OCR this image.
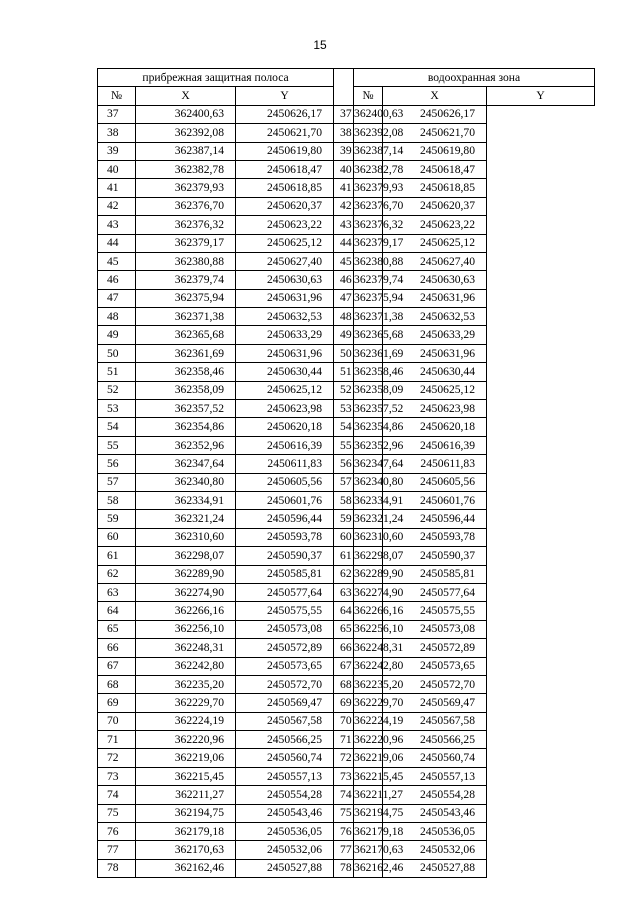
15
прибрежная защитная полоса				водоохранная зона		
№	X	Y		№	X	Y
37	362400,63	2450626,17	37	362400,63	2450626,17	
38	362392,08	2450621,70	38	362392,08	2450621,70	
39	362387,14	2450619,80	39	362387,14	2450619,80	
40	362382,78	2450618,47	40	362382,78	2450618,47	
41	362379,93	2450618,85	41	362379,93	2450618,85	
42	362376,70	2450620,37	42	362376,70	2450620,37	
43	362376,32	2450623,22	43	362376,32	2450623,22	
44	362379,17	2450625,12	44	362379,17	2450625,12	
45	362380,88	2450627,40	45	362380,88	2450627,40	
46	362379,74	2450630,63	46	362379,74	2450630,63	
47	362375,94	2450631,96	47	362375,94	2450631,96	
48	362371,38	2450632,53	48	362371,38	2450632,53	
49	362365,68	2450633,29	49	362365,68	2450633,29	
50	362361,69	2450631,96	50	362361,69	2450631,96	
51	362358,46	2450630,44	51	362358,46	2450630,44	
52	362358,09	2450625,12	52	362358,09	2450625,12	
53	362357,52	2450623,98	53	362357,52	2450623,98	
54	362354,86	2450620,18	54	362354,86	2450620,18	
55	362352,96	2450616,39	55	362352,96	2450616,39	
56	362347,64	2450611,83	56	362347,64	2450611,83	
57	362340,80	2450605,56	57	362340,80	2450605,56	
58	362334,91	2450601,76	58	362334,91	2450601,76	
59	362321,24	2450596,44	59	362321,24	2450596,44	
60	362310,60	2450593,78	60	362310,60	2450593,78	
61	362298,07	2450590,37	61	362298,07	2450590,37	
62	362289,90	2450585,81	62	362289,90	2450585,81	
63	362274,90	2450577,64	63	362274,90	2450577,64	
64	362266,16	2450575,55	64	362266,16	2450575,55	
65	362256,10	2450573,08	65	362256,10	2450573,08	
66	362248,31	2450572,89	66	362248,31	2450572,89	
67	362242,80	2450573,65	67	362242,80	2450573,65	
68	362235,20	2450572,70	68	362235,20	2450572,70	
69	362229,70	2450569,47	69	362229,70	2450569,47	
70	362224,19	2450567,58	70	362224,19	2450567,58	
71	362220,96	2450566,25	71	362220,96	2450566,25	
72	362219,06	2450560,74	72	362219,06	2450560,74	
73	362215,45	2450557,13	73	362215,45	2450557,13	
74	362211,27	2450554,28	74	362211,27	2450554,28	
75	362194,75	2450543,46	75	362194,75	2450543,46	
76	362179,18	2450536,05	76	362179,18	2450536,05	
77	362170,63	2450532,06	77	362170,63	2450532,06	
78	362162,46	2450527,88	78	362162,46	2450527,88	
